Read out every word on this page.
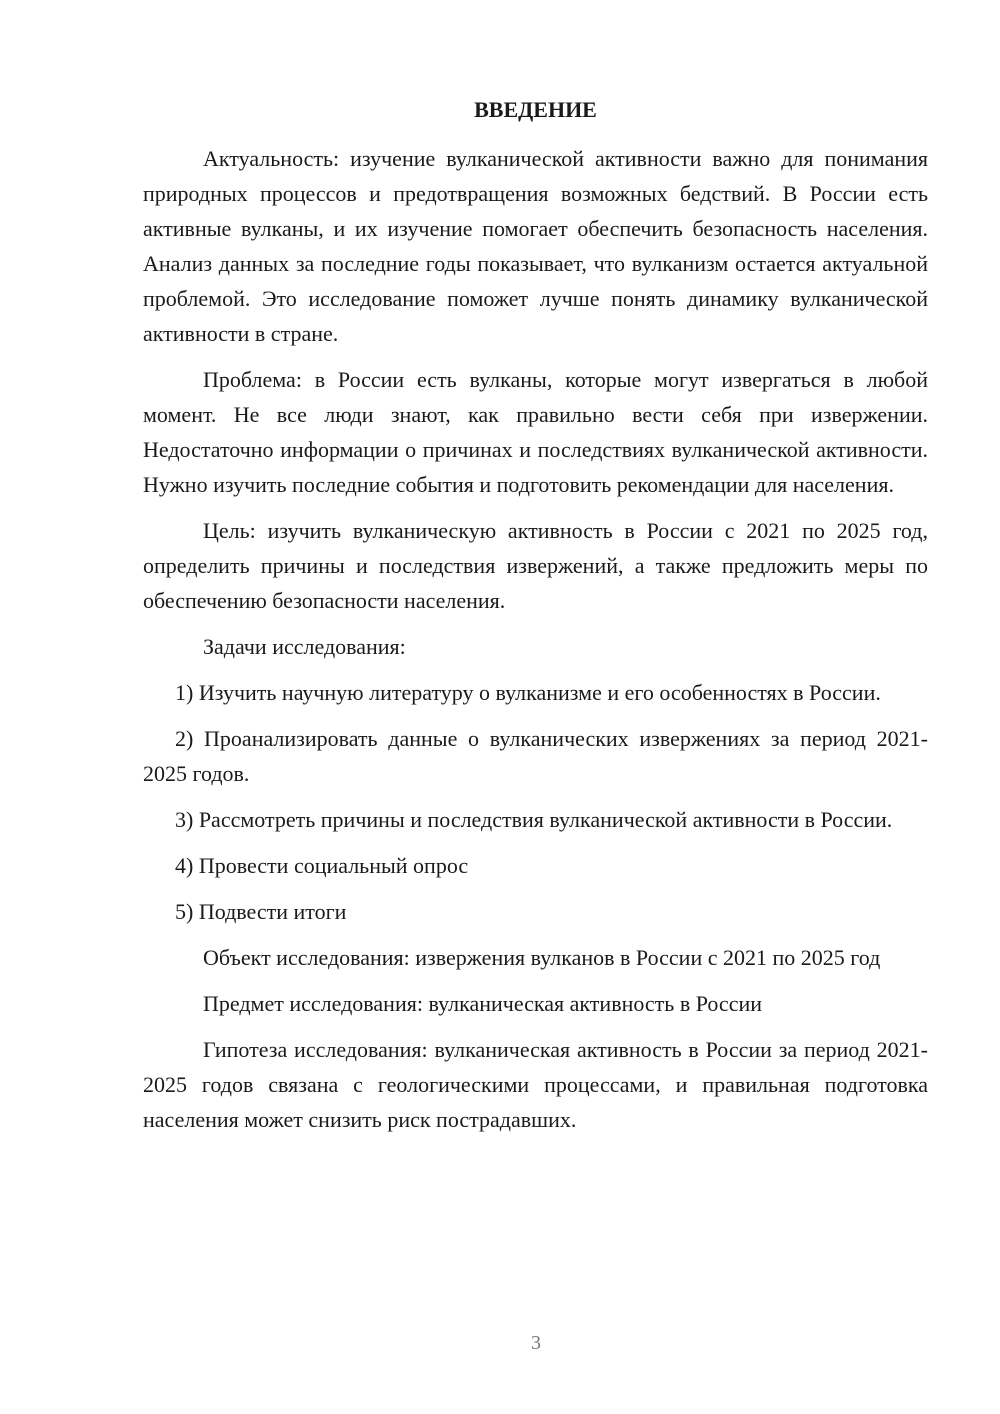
ВВЕДЕНИЕ

Актуальность: изучение вулканической активности важно для понимания природных процессов и предотвращения возможных бедствий. В России есть активные вулканы, и их изучение помогает обеспечить безопасность населения. Анализ данных за последние годы показывает, что вулканизм остается актуальной проблемой. Это исследование поможет лучше понять динамику вулканической активности в стране.

Проблема: в России есть вулканы, которые могут извергаться в любой момент. Не все люди знают, как правильно вести себя при извержении. Недостаточно информации о причинах и последствиях вулканической активности. Нужно изучить последние события и подготовить рекомендации для населения.

Цель: изучить вулканическую активность в России с 2021 по 2025 год, определить причины и последствия извержений, а также предложить меры по обеспечению безопасности населения.

Задачи исследования:

1) Изучить научную литературу о вулканизме и его особенностях в России.

2) Проанализировать данные о вулканических извержениях за период 2021-2025 годов.

3) Рассмотреть причины и последствия вулканической активности в России.

4) Провести социальный опрос

5) Подвести итоги

Объект исследования: извержения вулканов в России с 2021 по 2025 год

Предмет исследования: вулканическая активность в России

Гипотеза исследования: вулканическая активность в России за период 2021-2025 годов связана с геологическими процессами, и правильная подготовка населения может снизить риск пострадавших.

3
